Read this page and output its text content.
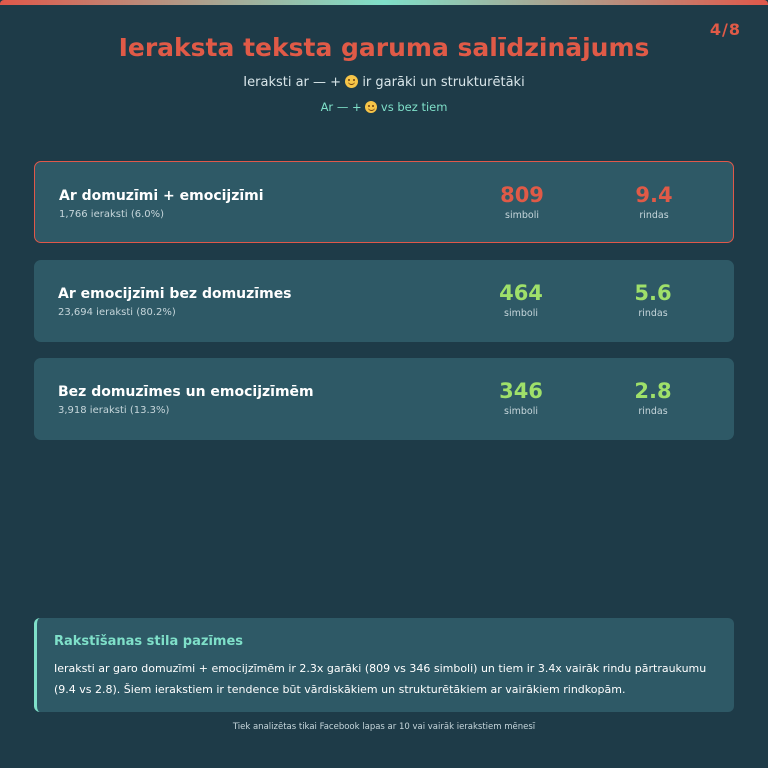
4/8
Ieraksta teksta garuma salīdzinājums
Ieraksti ar — +
ir garāki un strukturētāki
Ar — +
vs bez tiem
Ar domuzīmi + emocijzīmi
1,766 ieraksti (6.0%)
809
simboli
9.4
rindas
Ar emocijzīmi bez domuzīmes
23,694 ieraksti (80.2%)
464
simboli
5.6
rindas
Bez domuzīmes un emocijzīmēm
3,918 ieraksti (13.3%)
346
simboli
2.8
rindas
Rakstīšanas stila pazīmes
Ieraksti ar garo domuzīmi + emocijzīmēm ir 2.3x garāki (809 vs 346 simboli) un tiem ir 3.4x vairāk rindu pārtraukumu (9.4 vs 2.8). Šiem ierakstiem ir tendence būt vārdiskākiem un strukturētākiem ar vairākiem rindkopām.
Tiek analizētas tikai Facebook lapas ar 10 vai vairāk ierakstiem mēnesī
